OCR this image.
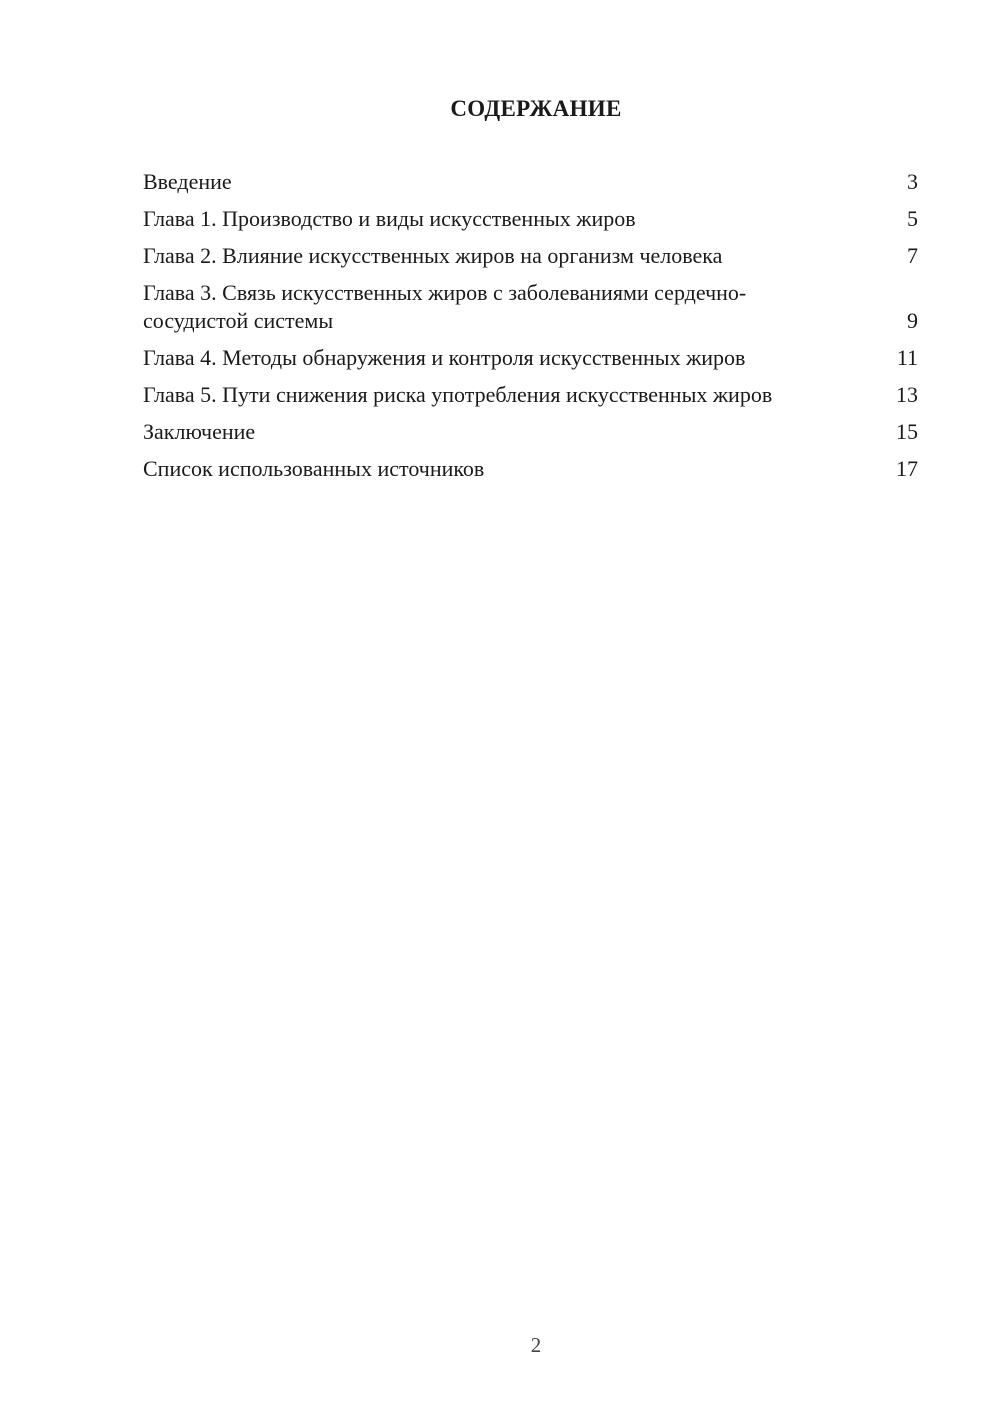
СОДЕРЖАНИЕ
Введение	3
Глава 1. Производство и виды искусственных жиров	5
Глава 2. Влияние искусственных жиров на организм человека	7
Глава 3. Связь искусственных жиров с заболеваниями сердечно-сосудистой системы	9
Глава 4. Методы обнаружения и контроля искусственных жиров	11
Глава 5. Пути снижения риска употребления искусственных жиров	13
Заключение	15
Список использованных источников	17
2
